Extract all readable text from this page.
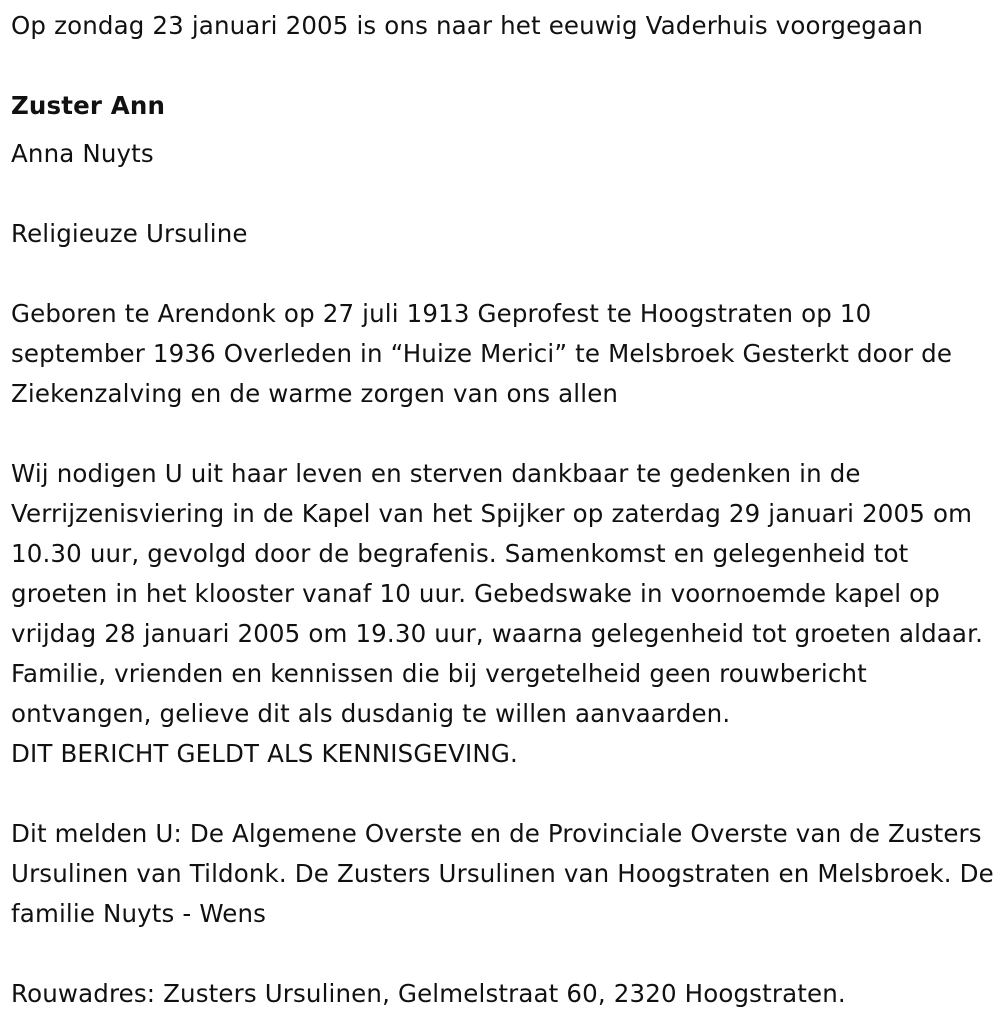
Op zondag 23 januari 2005 is ons naar het eeuwig Vaderhuis voorgegaan

Zuster Ann

Anna Nuyts

Religieuze Ursuline

Geboren te Arendonk op 27 juli 1913 Geprofest te Hoogstraten op 10 september 1936 Overleden in “Huize Merici” te Melsbroek Gesterkt door de Ziekenzalving en de warme zorgen van ons allen

Wij nodigen U uit haar leven en sterven dankbaar te gedenken in de Verrijzenisviering in de Kapel van het Spijker op zaterdag 29 januari 2005 om 10.30 uur, gevolgd door de begrafenis. Samenkomst en gelegenheid tot groeten in het klooster vanaf 10 uur. Gebedswake in voornoemde kapel op vrijdag 28 januari 2005 om 19.30 uur, waarna gelegenheid tot groeten aldaar. Familie, vrienden en kennissen die bij vergetelheid geen rouwbericht ontvangen, gelieve dit als dusdanig te willen aanvaarden.

DIT BERICHT GELDT ALS KENNISGEVING.

Dit melden U: De Algemene Overste en de Provinciale Overste van de Zusters Ursulinen van Tildonk. De Zusters Ursulinen van Hoogstraten en Melsbroek. De familie Nuyts - Wens

Rouwadres: Zusters Ursulinen, Gelmelstraat 60, 2320 Hoogstraten.
